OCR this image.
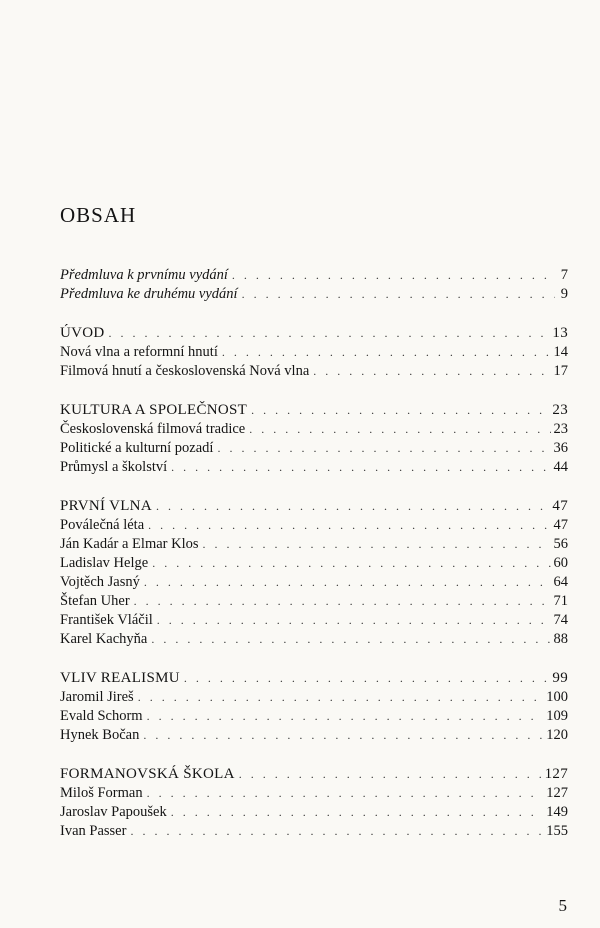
OBSAH
Předmluva k prvnímu vydání . . .	7
Předmluva ke druhému vydání . . .	9
ÚVOD . . .	13
Nová vlna a reformní hnutí . . .	14
Filmová hnutí a československá Nová vlna . . .	17
KULTURA A SPOLEČNOST . . .	23
Československá filmová tradice . . .	23
Politické a kulturní pozadí . . .	36
Průmysl a školství . . .	44
PRVNÍ VLNA . . .	47
Poválečná léta . . .	47
Ján Kadár a Elmar Klos . . .	56
Ladislav Helge . . .	60
Vojtěch Jasný . . .	64
Štefan Uher . . .	71
František Vláčil . . .	74
Karel Kachyňa . . .	88
VLIV REALISMU . . .	99
Jaromil Jireš . . .	100
Evald Schorm . . .	109
Hynek Bočan . . .	120
FORMANOVSKÁ ŠKOLA . . .	127
Miloš Forman . . .	127
Jaroslav Papoušek . . .	149
Ivan Passer . . .	155
5
